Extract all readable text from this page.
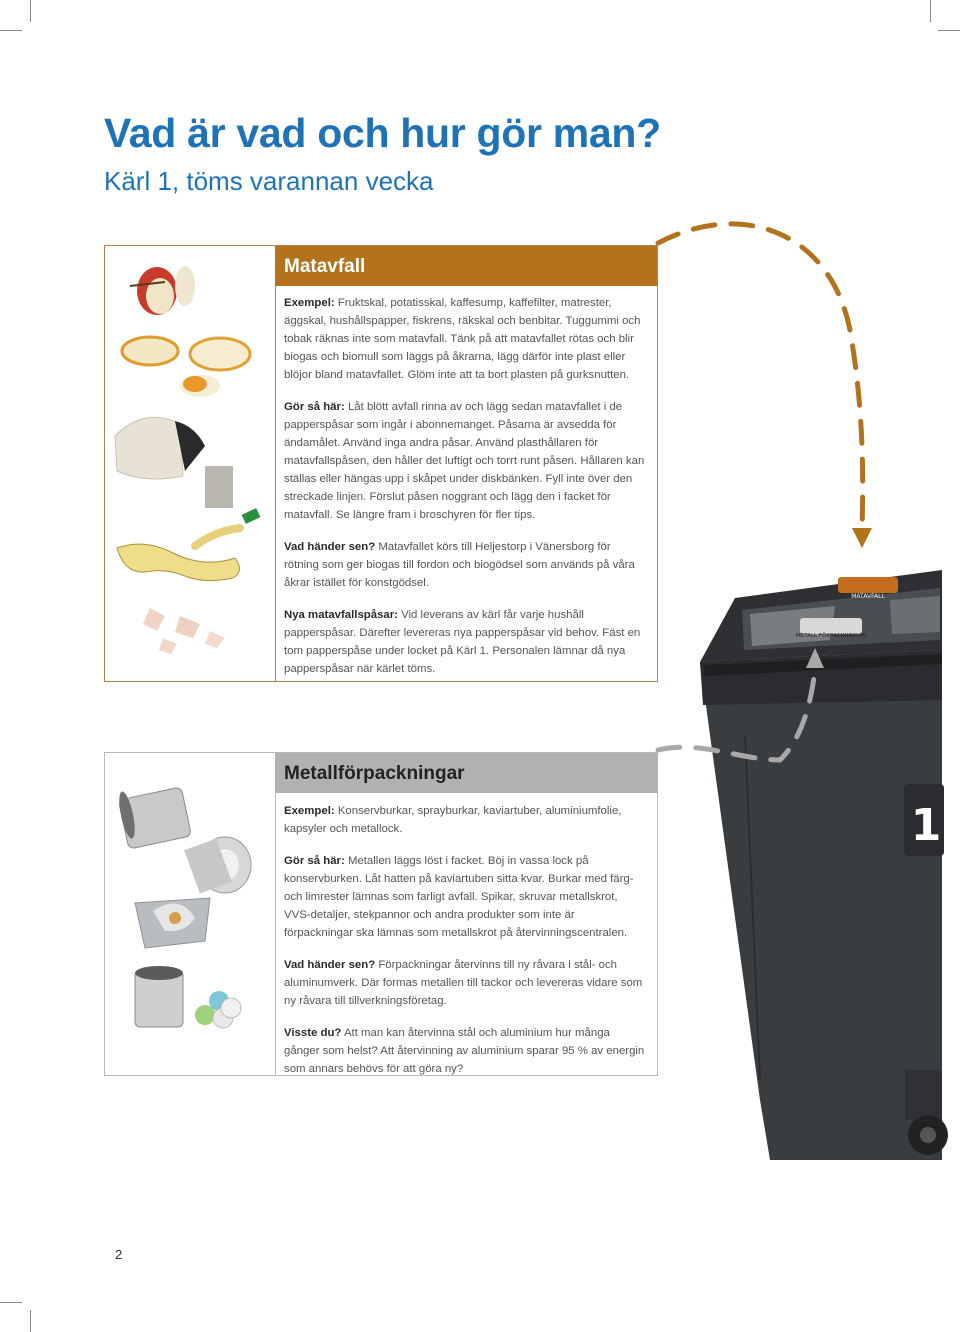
Vad är vad och hur gör man?
Kärl 1, töms varannan vecka
MATAVFALL
METALL FÖRPACKNINGAR
1
Matavfall

Exempel: Fruktskal, potatisskal, kaffesump, kaffefilter, matrester, äggskal, hushållspapper, fiskrens, räkskal och benbitar. Tuggummi och tobak räknas inte som matavfall. Tänk på att matavfallet rötas och blir biogas och biomull som läggs på åkrarna, lägg därför inte plast eller blöjor bland matavfallet. Glöm inte att ta bort plasten på gurksnutten.

Gör så här: Låt blött avfall rinna av och lägg sedan matavfallet i de papperspåsar som ingår i abonnemanget. Påsarna är avsedda för ändamålet. Använd inga andra påsar. Använd plasthållaren för matavfallspåsen, den håller det luftigt och torrt runt påsen. Hållaren kan ställas eller hängas upp i skåpet under diskbänken. Fyll inte över den streckade linjen. Förslut påsen noggrant och lägg den i facket för matavfall. Se längre fram i broschyren för fler tips.

Vad händer sen? Matavfallet körs till Heljestorp i Vänersborg för rötning som ger biogas till fordon och biogödsel som används på våra åkrar istället för konstgödsel.

Nya matavfallspåsar: Vid leverans av kärl får varje hushåll papperspåsar. Därefter levereras nya papperspåsar vid behov. Fäst en tom papperspåse under locket på Kärl 1. Personalen lämnar då nya papperspåsar när kärlet töms.

Metallförpackningar

Exempel: Konservburkar, sprayburkar, kaviartuber, aluminiumfolie, kapsyler och metallock.

Gör så här: Metallen läggs löst i facket. Böj in vassa lock på konservburken. Låt hatten på kaviartuben sitta kvar. Burkar med färg- och limrester lämnas som farligt avfall. Spikar, skruvar metallskrot, VVS-detaljer, stekpannor och andra produkter som inte är förpackningar ska lämnas som metallskrot på återvinningscentralen.

Vad händer sen? Förpackningar återvinns till ny råvara i stål- och aluminumverk. Där formas metallen till tackor och levereras vidare som ny råvara till tillverkningsföretag.

Visste du? Att man kan återvinna stål och aluminium hur många gånger som helst? Att återvinning av aluminium sparar 95 % av energin som annars behövs för att göra ny?

2
